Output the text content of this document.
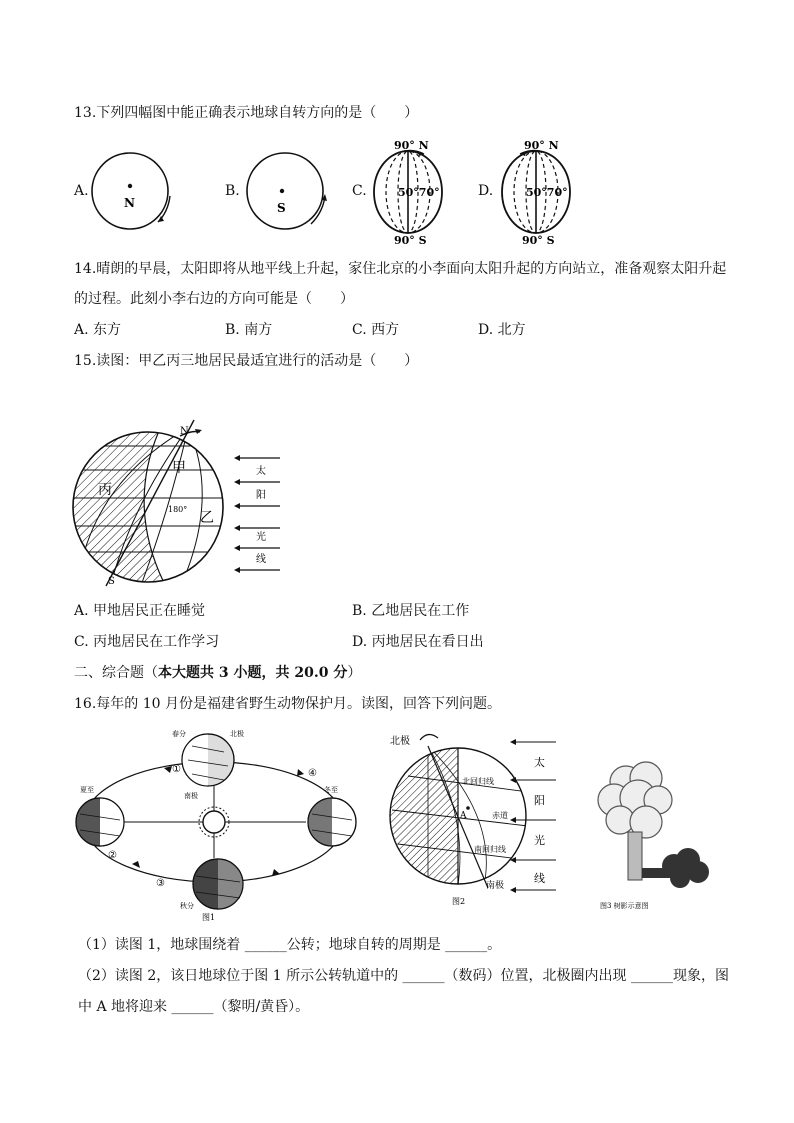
13.下列四幅图中能正确表示地球自转方向的是（　　）
A.
N
B.
S
C.
90° N
50°70°
90° S
D.
90° N
50°70°
90° S
14.晴朗的早晨，太阳即将从地平线上升起，家住北京的小李面向太阳升起的方向站立，准备观察太阳升起
的过程。此刻小李右边的方向可能是（　　）
A. 东方	B. 南方	C. 西方	D. 北方
15.读图：甲乙丙三地居民最适宜进行的活动是（　　）
N
S
甲
乙
丙
180°
太
阳
光
线
A. 甲地居民正在睡觉	B. 乙地居民在工作
C. 丙地居民在工作学习	D. 丙地居民在看日出
二、综合题（本大题共 3 小题，共 20.0 分）
16.每年的 10 月份是福建省野生动物保护月。读图，回答下列问题。
春分	北极
南极
夏至	冬至
秋分
①
②
③
④
图1
北极
南极
北回归线
赤道
南回归线
A
图2
太
阳
光
线
图3 树影示意图
（1）读图 1，地球围绕着 ______公转；地球自转的周期是 ______。
（2）读图 2，该日地球位于图 1 所示公转轨道中的 ______（数码）位置，北极圈内出现 ______现象，图
中 A 地将迎来 ______（黎明/黄昏）。
